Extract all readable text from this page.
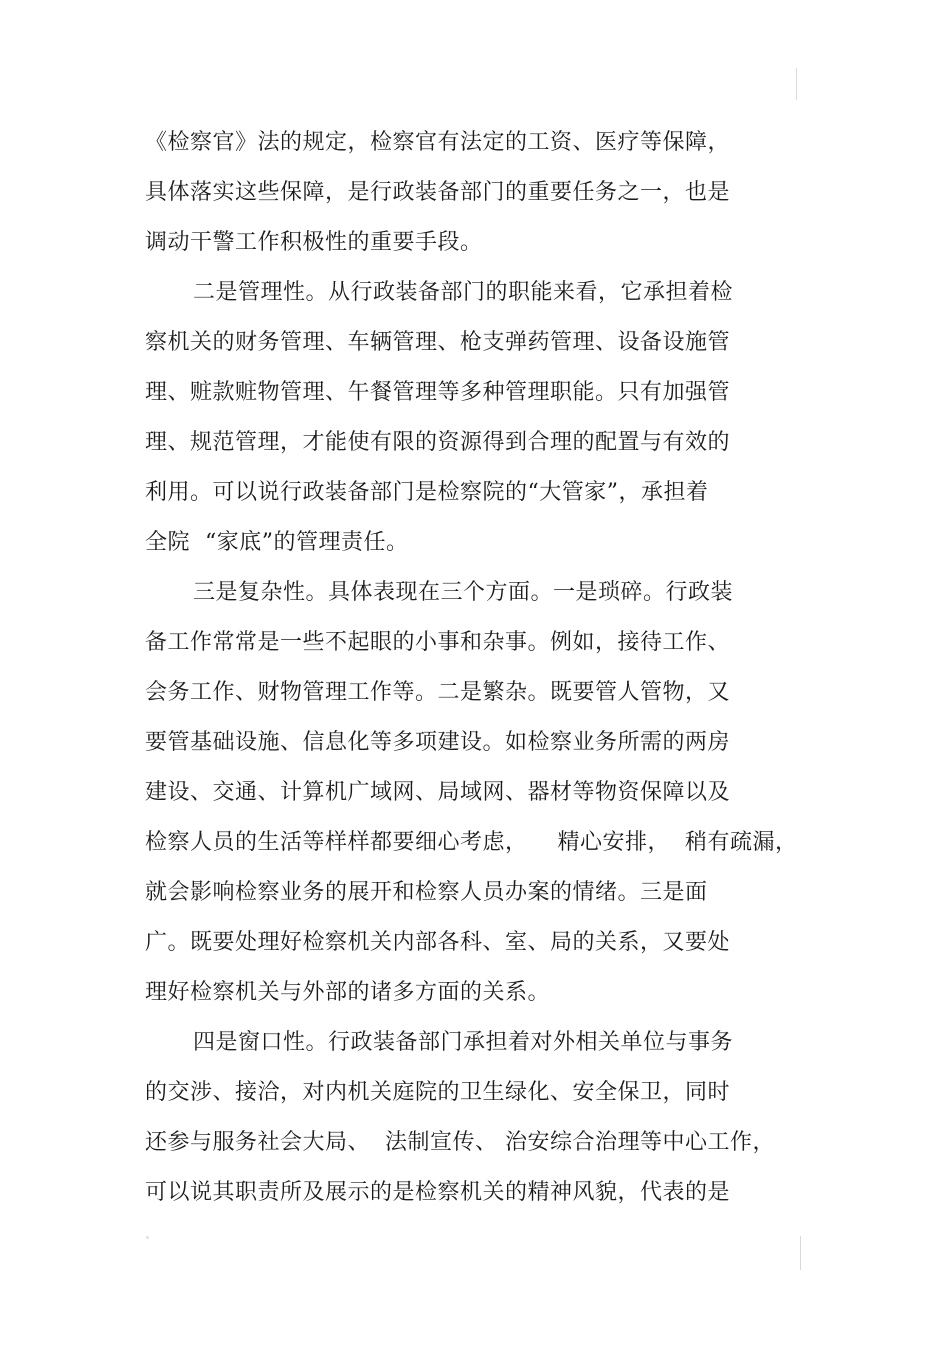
《检察官》法的规定，检察官有法定的工资、医疗等保障，
具体落实这些保障，是行政装备部门的重要任务之一，也是
调动干警工作积极性的重要手段。
二是管理性。从行政装备部门的职能来看，它承担着检
察机关的财务管理、车辆管理、枪支弹药管理、设备设施管
理、赃款赃物管理、午餐管理等多种管理职能。只有加强管
理、规范管理，才能使有限的资源得到合理的配置与有效的
利用。可以说行政装备部门是检察院的“大管家”，承担着
全院  “家底”的管理责任。
三是复杂性。具体表现在三个方面。一是琐碎。行政装
备工作常常是一些不起眼的小事和杂事。例如，接待工作、
会务工作、财物管理工作等。二是繁杂。既要管人管物，又
要管基础设施、信息化等多项建设。如检察业务所需的两房
建设、交通、计算机广域网、局域网、器材等物资保障以及
检察人员的生活等样样都要细心考虑，    精心安排，  稍有疏漏，
就会影响检察业务的展开和检察人员办案的情绪。三是面
广。既要处理好检察机关内部各科、室、局的关系，又要处
理好检察机关与外部的诸多方面的关系。
四是窗口性。行政装备部门承担着对外相关单位与事务
的交涉、接洽，对内机关庭院的卫生绿化、安全保卫，同时
还参与服务社会大局、  法制宣传、 治安综合治理等中心工作，
可以说其职责所及展示的是检察机关的精神风貌，代表的是
